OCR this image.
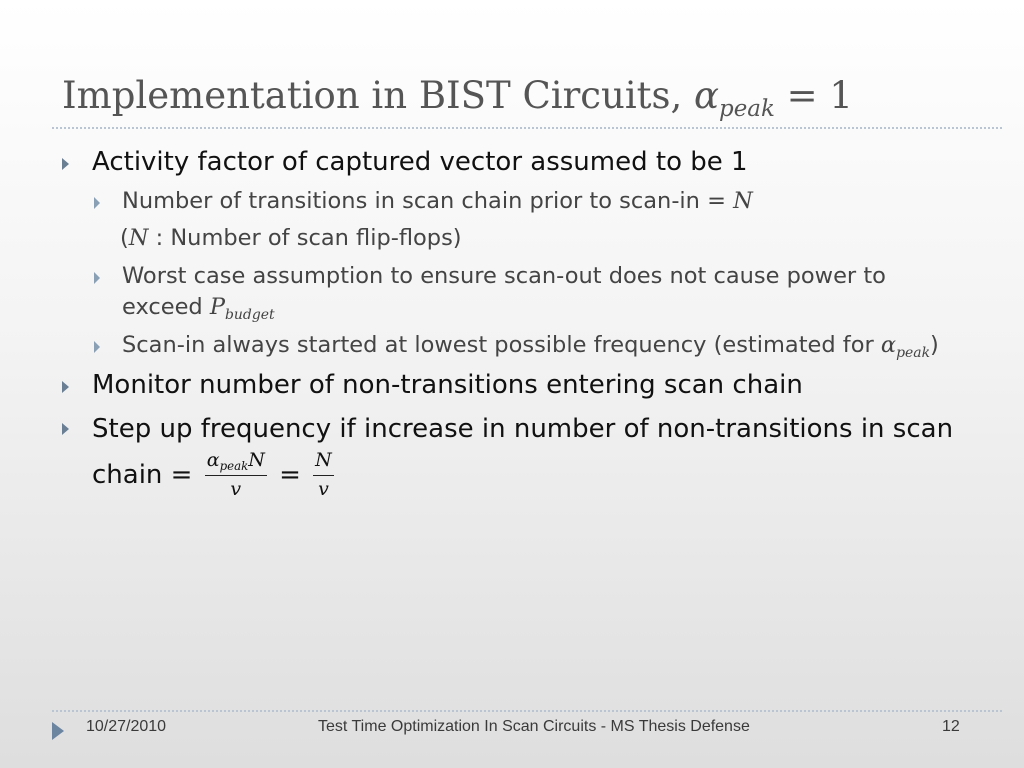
Implementation in BIST Circuits, $\alpha_{peak} = 1$
Activity factor of captured vector assumed to be 1
Number of transitions in scan chain prior to scan-in = N
(N : Number of scan flip-flops)
Worst case assumption to ensure scan-out does not cause power to exceed $P_{budget}$
Scan-in always started at lowest possible frequency (estimated for $\alpha_{peak}$)
Monitor number of non-transitions entering scan chain
Step up frequency if increase in number of non-transitions in scan chain = $\frac{\alpha_{peak}N}{v} = \frac{N}{v}$
10/27/2010	Test Time Optimization In Scan Circuits - MS Thesis Defense	12
